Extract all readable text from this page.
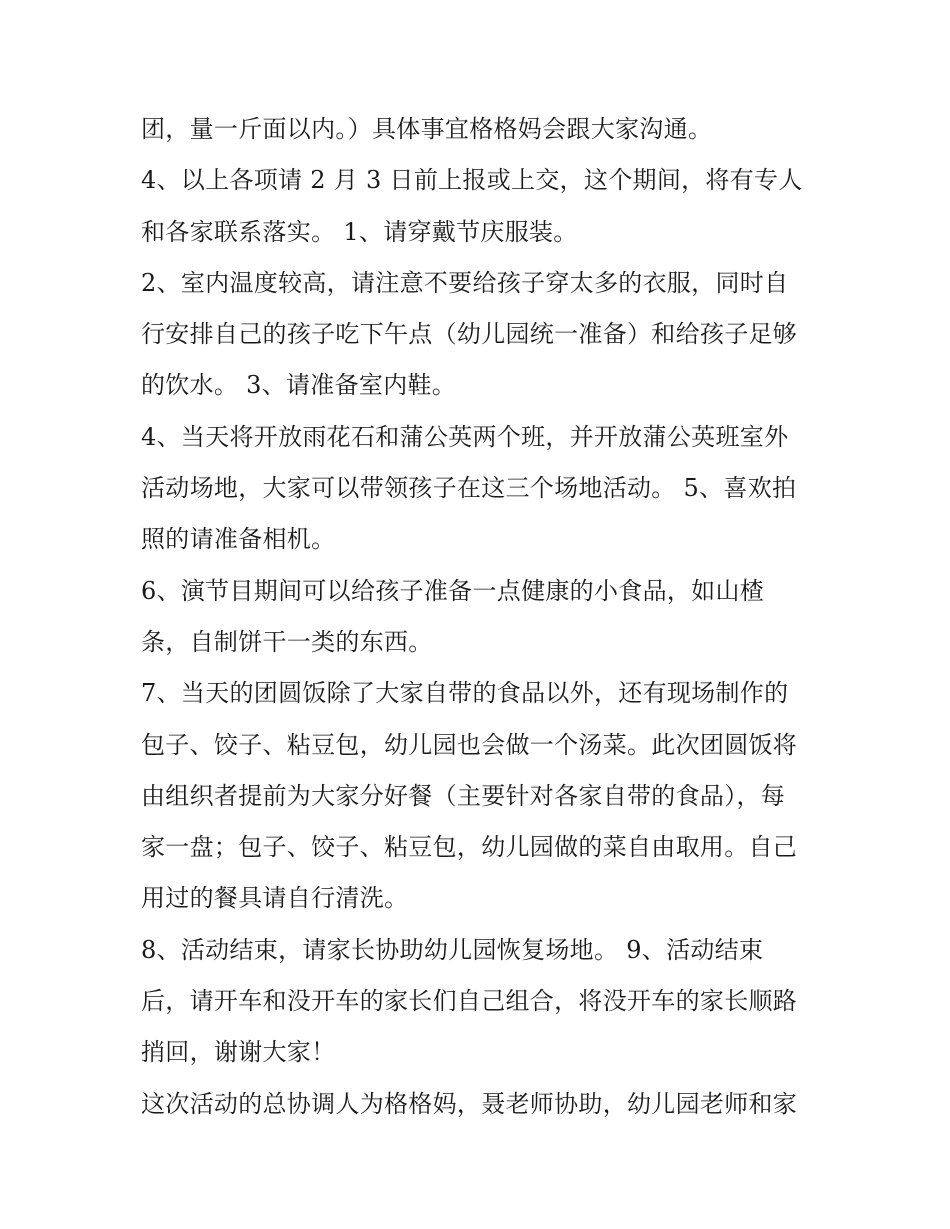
团，量一斤面以内。）具体事宜格格妈会跟大家沟通。
4、以上各项请 2 月 3 日前上报或上交，这个期间，将有专人
和各家联系落实。 1、请穿戴节庆服装。
2、室内温度较高，请注意不要给孩子穿太多的衣服，同时自
行安排自己的孩子吃下午点（幼儿园统一准备）和给孩子足够
的饮水。 3、请准备室内鞋。
4、当天将开放雨花石和蒲公英两个班，并开放蒲公英班室外
活动场地，大家可以带领孩子在这三个场地活动。 5、喜欢拍
照的请准备相机。
6、演节目期间可以给孩子准备一点健康的小食品，如山楂
条，自制饼干一类的东西。
7、当天的团圆饭除了大家自带的食品以外，还有现场制作的
包子、饺子、粘豆包，幼儿园也会做一个汤菜。此次团圆饭将
由组织者提前为大家分好餐（主要针对各家自带的食品），每
家一盘；包子、饺子、粘豆包，幼儿园做的菜自由取用。自己
用过的餐具请自行清洗。
8、活动结束，请家长协助幼儿园恢复场地。 9、活动结束
后，请开车和没开车的家长们自己组合，将没开车的家长顺路
捎回，谢谢大家！
这次活动的总协调人为格格妈，聂老师协助，幼儿园老师和家
